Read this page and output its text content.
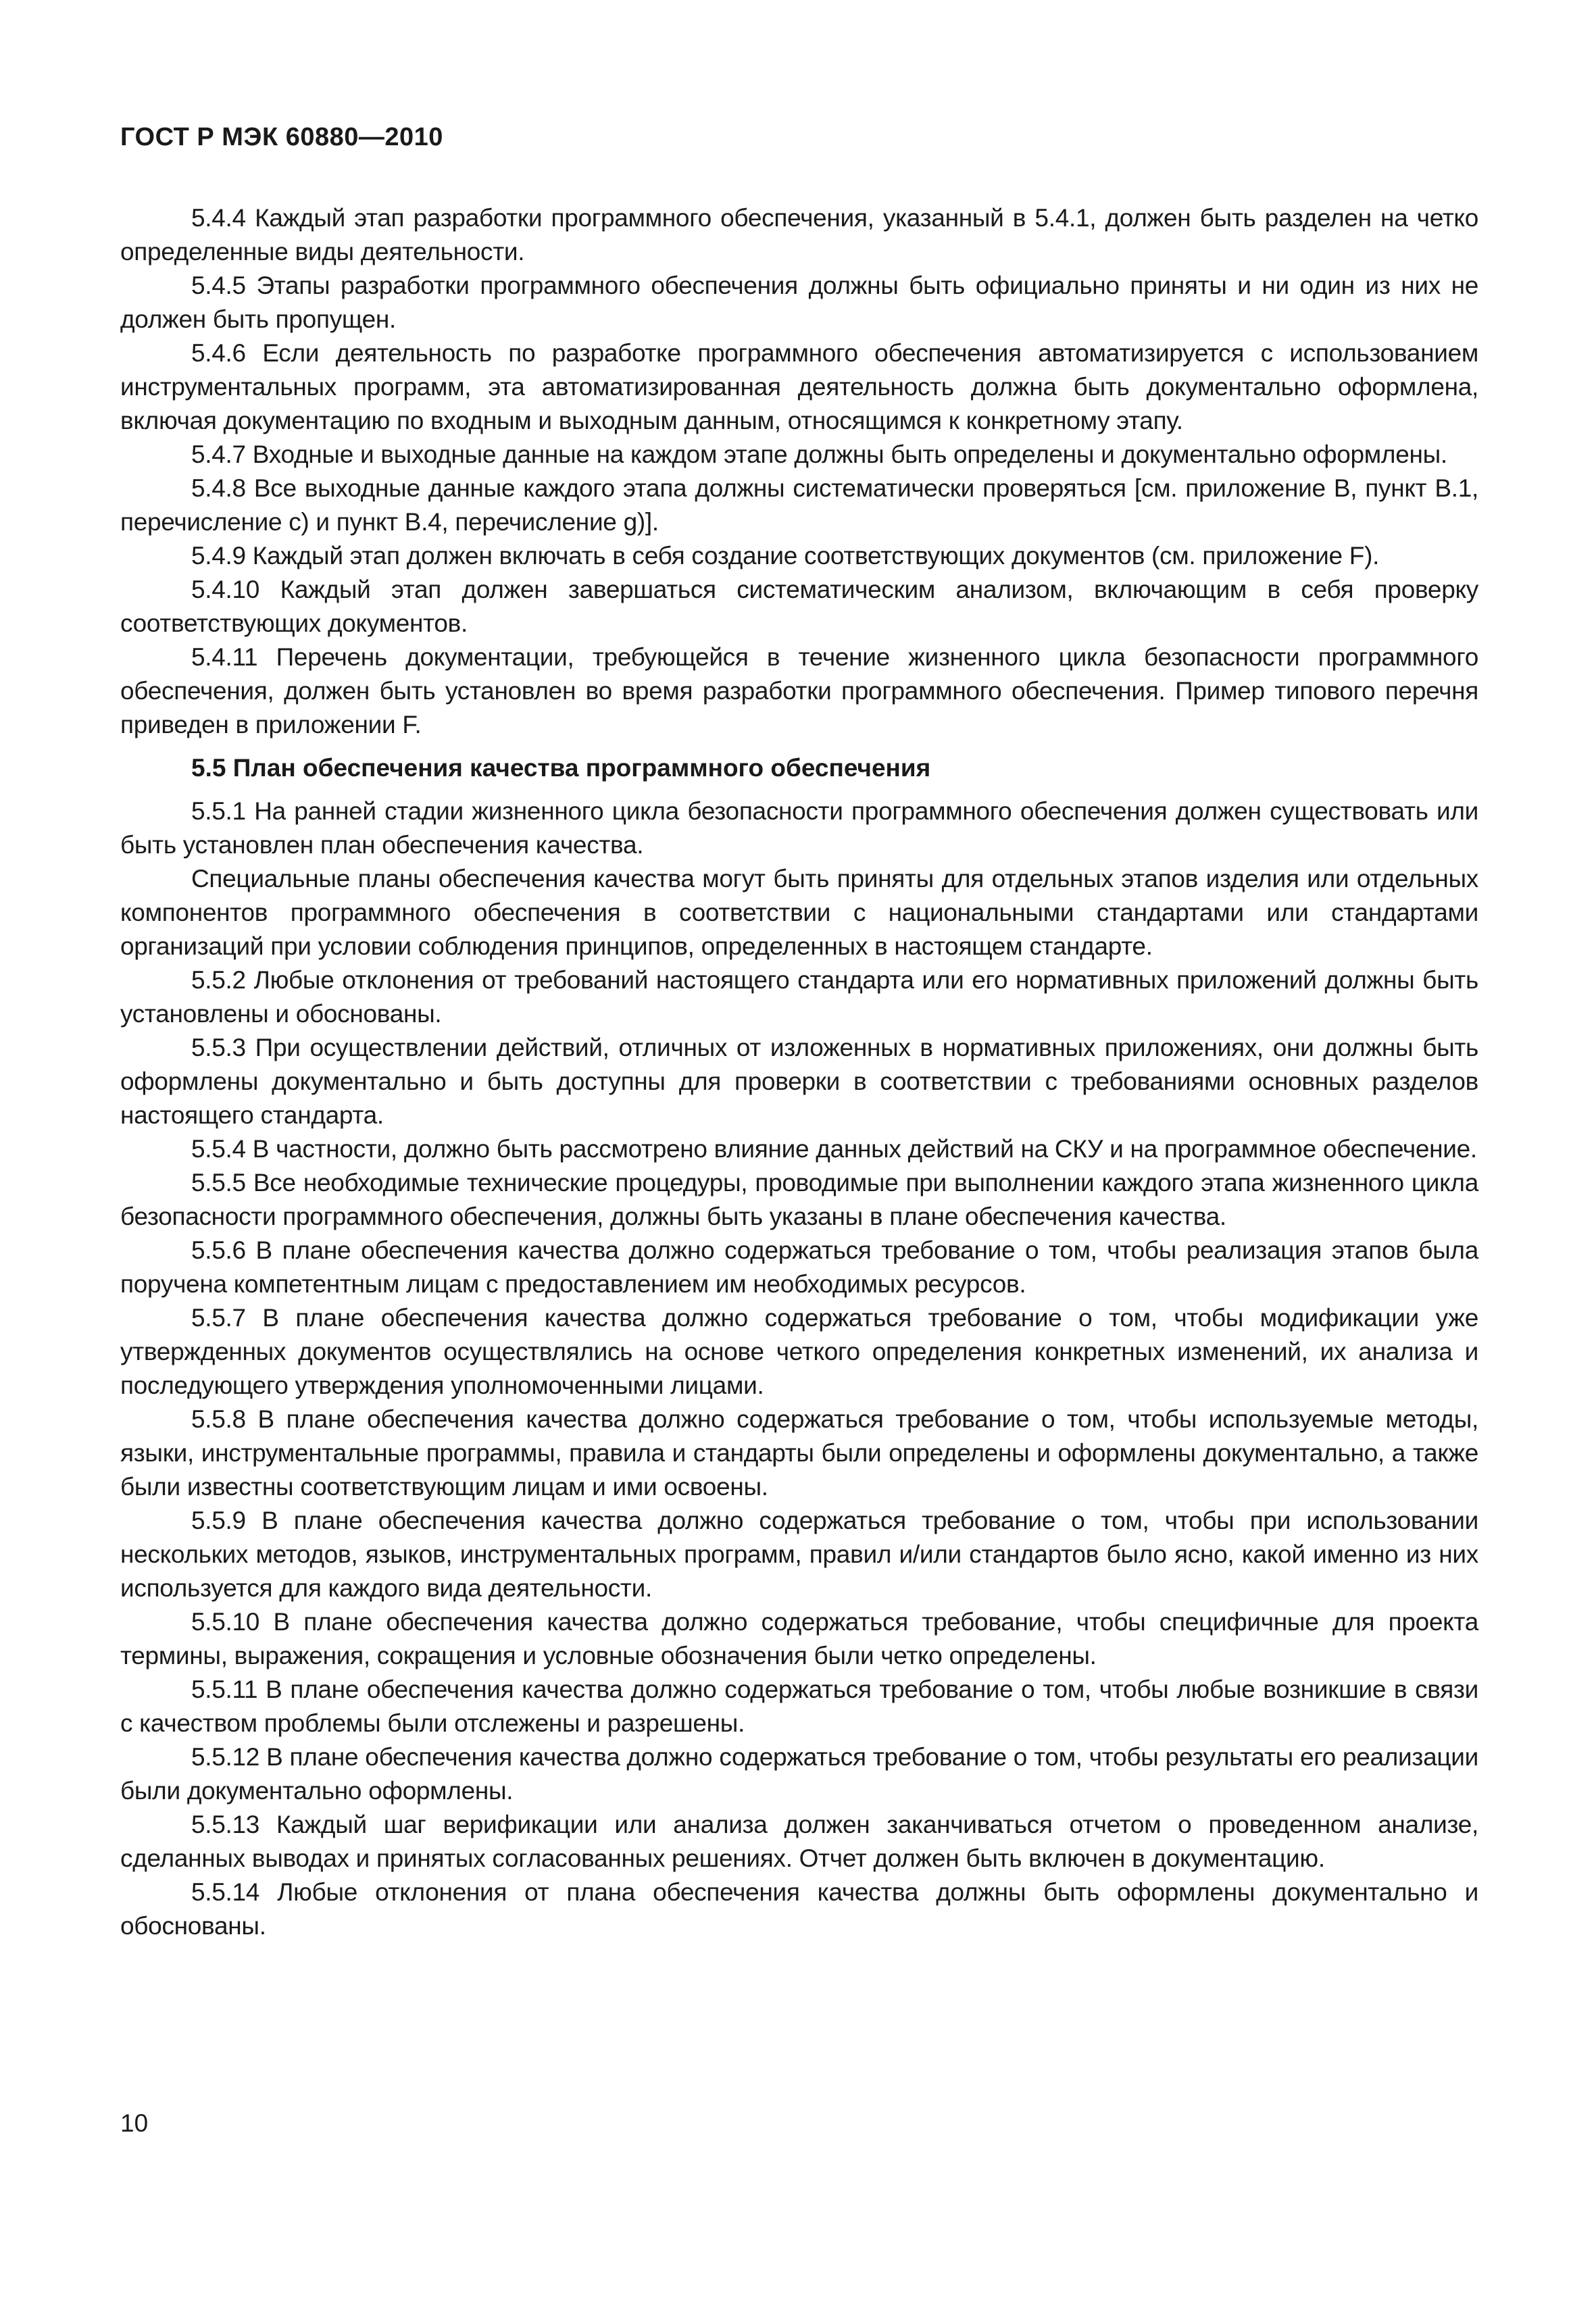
ГОСТ Р МЭК 60880—2010

5.4.4 Каждый этап разработки программного обеспечения, указанный в 5.4.1, должен быть разделен на четко определенные виды деятельности.

5.4.5 Этапы разработки программного обеспечения должны быть официально приняты и ни один из них не должен быть пропущен.

5.4.6 Если деятельность по разработке программного обеспечения автоматизируется с использованием инструментальных программ, эта автоматизированная деятельность должна быть документально оформлена, включая документацию по входным и выходным данным, относящимся к конкретному этапу.

5.4.7 Входные и выходные данные на каждом этапе должны быть определены и документально оформлены.

5.4.8 Все выходные данные каждого этапа должны систематически проверяться [см. приложение В, пункт В.1, перечисление с) и пункт В.4, перечисление g)].

5.4.9 Каждый этап должен включать в себя создание соответствующих документов (см. приложение F).

5.4.10 Каждый этап должен завершаться систематическим анализом, включающим в себя проверку соответствующих документов.

5.4.11 Перечень документации, требующейся в течение жизненного цикла безопасности программного обеспечения, должен быть установлен во время разработки программного обеспечения. Пример типового перечня приведен в приложении F.

5.5 План обеспечения качества программного обеспечения

5.5.1 На ранней стадии жизненного цикла безопасности программного обеспечения должен существовать или быть установлен план обеспечения качества.

Специальные планы обеспечения качества могут быть приняты для отдельных этапов изделия или отдельных компонентов программного обеспечения в соответствии с национальными стандартами или стандартами организаций при условии соблюдения принципов, определенных в настоящем стандарте.

5.5.2 Любые отклонения от требований настоящего стандарта или его нормативных приложений должны быть установлены и обоснованы.

5.5.3 При осуществлении действий, отличных от изложенных в нормативных приложениях, они должны быть оформлены документально и быть доступны для проверки в соответствии с требованиями основных разделов настоящего стандарта.

5.5.4 В частности, должно быть рассмотрено влияние данных действий на СКУ и на программное обеспечение.

5.5.5 Все необходимые технические процедуры, проводимые при выполнении каждого этапа жизненного цикла безопасности программного обеспечения, должны быть указаны в плане обеспечения качества.

5.5.6 В плане обеспечения качества должно содержаться требование о том, чтобы реализация этапов была поручена компетентным лицам с предоставлением им необходимых ресурсов.

5.5.7 В плане обеспечения качества должно содержаться требование о том, чтобы модификации уже утвержденных документов осуществлялись на основе четкого определения конкретных изменений, их анализа и последующего утверждения уполномоченными лицами.

5.5.8 В плане обеспечения качества должно содержаться требование о том, чтобы используемые методы, языки, инструментальные программы, правила и стандарты были определены и оформлены документально, а также были известны соответствующим лицам и ими освоены.

5.5.9 В плане обеспечения качества должно содержаться требование о том, чтобы при использовании нескольких методов, языков, инструментальных программ, правил и/или стандартов было ясно, какой именно из них используется для каждого вида деятельности.

5.5.10 В плане обеспечения качества должно содержаться требование, чтобы специфичные для проекта термины, выражения, сокращения и условные обозначения были четко определены.

5.5.11 В плане обеспечения качества должно содержаться требование о том, чтобы любые возникшие в связи с качеством проблемы были отслежены и разрешены.

5.5.12 В плане обеспечения качества должно содержаться требование о том, чтобы результаты его реализации были документально оформлены.

5.5.13 Каждый шаг верификации или анализа должен заканчиваться отчетом о проведенном анализе, сделанных выводах и принятых согласованных решениях. Отчет должен быть включен в документацию.

5.5.14 Любые отклонения от плана обеспечения качества должны быть оформлены документально и обоснованы.

10
